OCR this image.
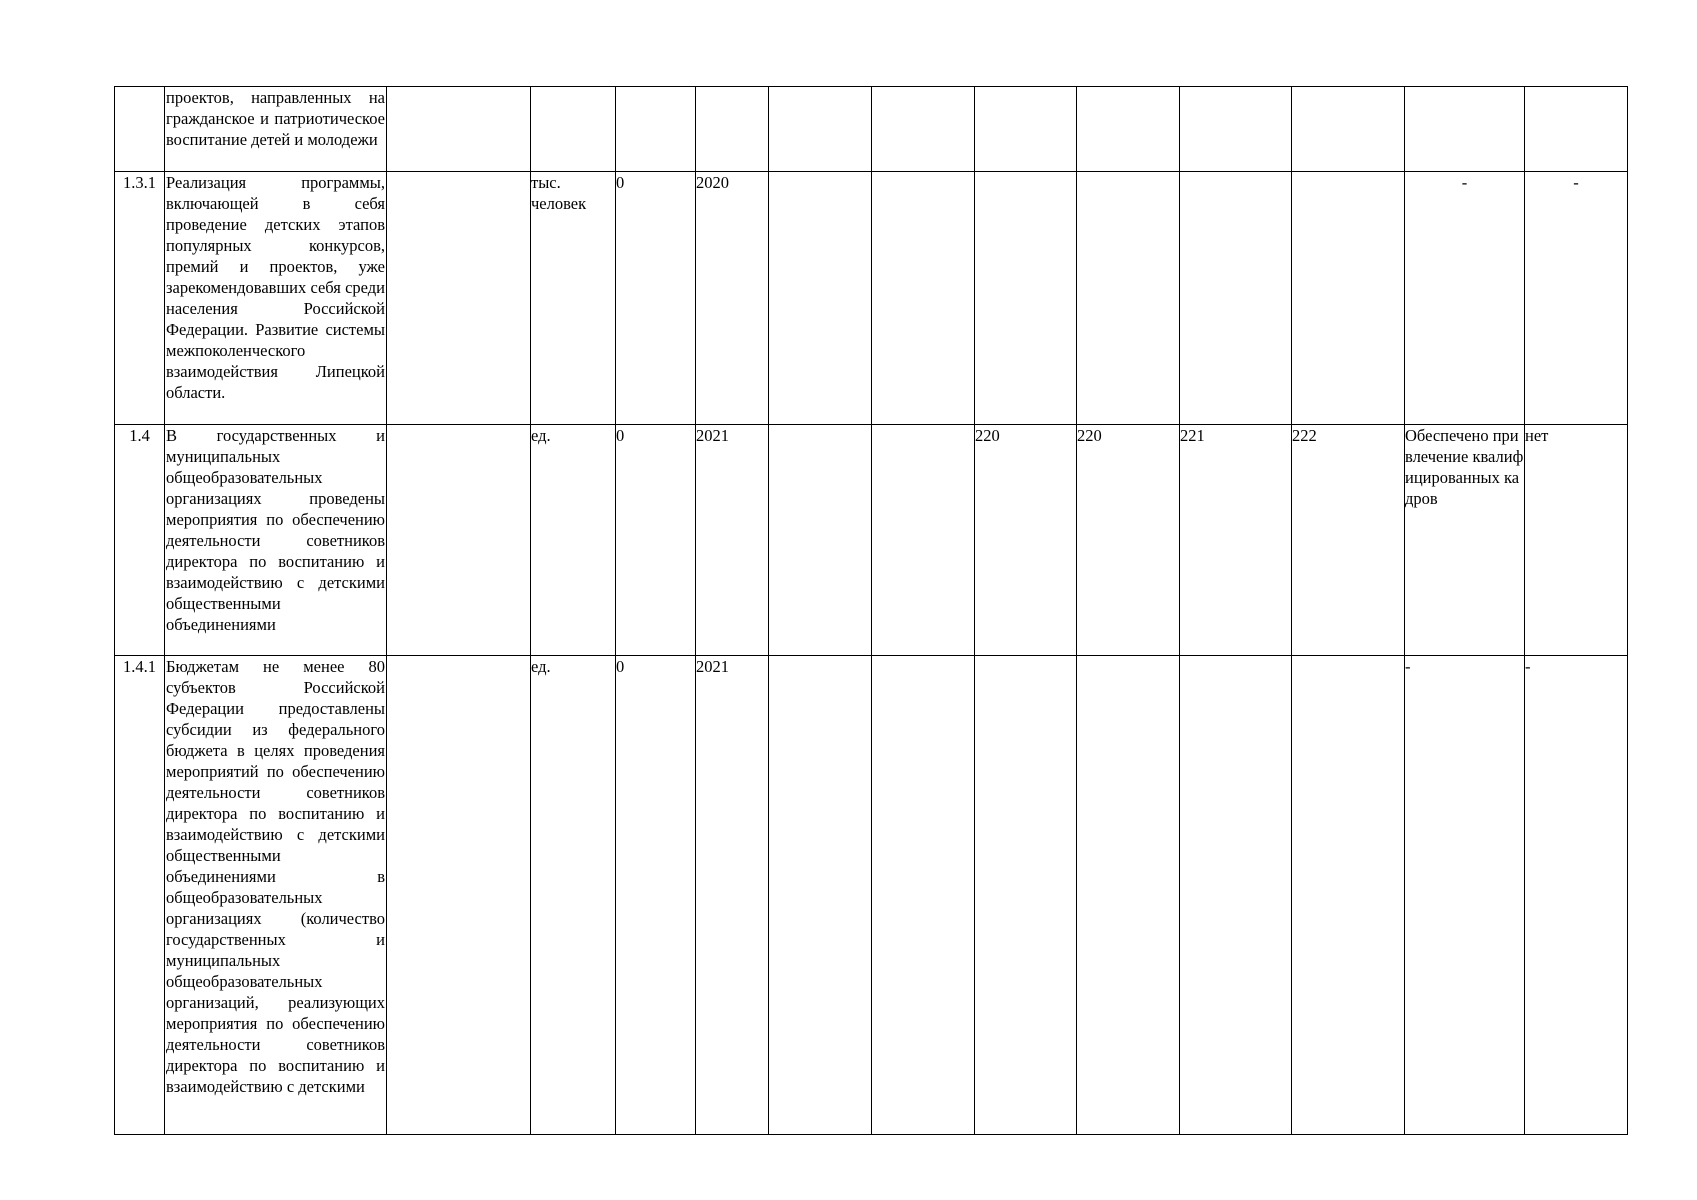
	проектов, направленных на гражданское и патриотическое воспитание детей и молодежи												

1.3.1	Реализация программы, включающей в себя проведение детских этапов популярных конкурсов, премий и проектов, уже зарекомендовавших себя среди населения Российской Федерации. Развитие системы межпоколенческого взаимодействия Липецкой области.		тыс. человек	0	2020							-	-
1.4	В государственных и муниципальных общеобразовательных организациях проведены мероприятия по обеспечению деятельности советников директора по воспитанию и взаимодействию с детскими общественными объединениями		ед.	0	2021			220	220	221	222	Обеспечено привлечение квалифицированных кадров	нет
1.4.1	Бюджетам не менее 80 субъектов Российской Федерации предоставлены субсидии из федерального бюджета в целях проведения мероприятий по обеспечению деятельности советников директора по воспитанию и взаимодействию с детскими общественными объединениями в общеобразовательных организациях (количество государственных и муниципальных общеобразовательных организаций, реализующих мероприятия по обеспечению деятельности советников директора по воспитанию и взаимодействию с детскими		ед.	0	2021							-	-
